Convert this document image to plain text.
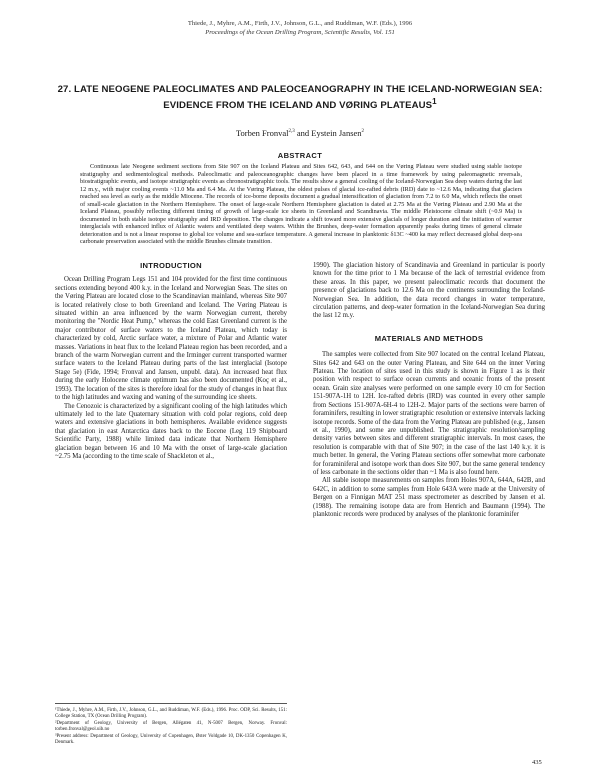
Thiede, J., Myhre, A.M., Firth, J.V., Johnson, G.L., and Ruddiman, W.F. (Eds.), 1996
Proceedings of the Ocean Drilling Program, Scientific Results, Vol. 151
27. LATE NEOGENE PALEOCLIMATES AND PALEOCEANOGRAPHY IN THE ICELAND-NORWEGIAN SEA: EVIDENCE FROM THE ICELAND AND VØRING PLATEAUS$^1$
Torben Fronval$^{2,3}$ and Eystein Jansen$^2$
ABSTRACT

Continuous late Neogene sediment sections from Site 907 on the Iceland Plateau and Sites 642, 643, and 644 on the Vøring Plateau were studied using stable isotope stratigraphy and sedimentological methods. Paleoclimatic and paleoceanographic changes have been placed in a time framework by using paleomagnetic reversals, biostratigraphic events, and isotope stratigraphic events as chronostratigraphic tools. The results show a general cooling of the Iceland-Norwegian Sea deep waters during the last 12 m.y., with major cooling events ~11.0 Ma and 6.4 Ma. At the Vøring Plateau, the oldest pulses of glacial ice-rafted debris (IRD) date to ~12.6 Ma, indicating that glaciers reached sea level as early as the middle Miocene. The records of ice-borne deposits document a gradual intensification of glaciation from 7.2 to 6.0 Ma, which reflects the onset of small-scale glaciation in the Northern Hemisphere. The onset of large-scale Northern Hemisphere glaciation is dated at 2.75 Ma at the Vøring Plateau and 2.90 Ma at the Iceland Plateau, possibly reflecting different timing of growth of large-scale ice sheets in Greenland and Scandinavia. The middle Pleistocene climate shift (~0.9 Ma) is documented in both stable isotope stratigraphy and IRD deposition. The changes indicate a shift toward more extensive glacials of longer duration and the initiation of warmer interglacials with enhanced influx of Atlantic waters and ventilated deep waters. Within the Brunhes, deep-water formation apparently peaks during times of general climate deterioration and is not a linear response to global ice volume and sea-surface temperature. A general increase in planktonic δ13C ~400 ka may reflect decreased global deep-sea carbonate preservation associated with the middle Brunhes climate transition.

INTRODUCTION

Ocean Drilling Program Legs 151 and 104 provided for the first time continuous sections extending beyond 400 k.y. in the Iceland and Norwegian Seas. The sites on the Vøring Plateau are located close to the Scandinavian mainland, whereas Site 907 is located relatively close to both Greenland and Iceland. The Vøring Plateau is situated within an area influenced by the warm Norwegian current, thereby monitoring the "Nordic Heat Pump," whereas the cold East Greenland current is the major contributor of surface waters to the Iceland Plateau, which today is characterized by cold, Arctic surface water, a mixture of Polar and Atlantic water masses. Variations in heat flux to the Iceland Plateau region has been recorded, and a branch of the warm Norwegian current and the Irminger current transported warmer surface waters to the Iceland Plateau during parts of the last interglacial (Isotope Stage 5e) (Fide, 1994; Fronval and Jansen, unpubl. data). An increased heat flux during the early Holocene climate optimum has also been documented (Koç et al., 1993). The location of the sites is therefore ideal for the study of changes in heat flux to the high latitudes and waxing and waning of the surrounding ice sheets.

The Cenozoic is characterized by a significant cooling of the high latitudes which ultimately led to the late Quaternary situation with cold polar regions, cold deep waters and extensive glaciations in both hemispheres. Available evidence suggests that glaciation in east Antarctica dates back to the Eocene (Leg 119 Shipboard Scientific Party, 1988) while limited data indicate that Northern Hemisphere glaciation began between 16 and 10 Ma with the onset of large-scale glaciation ~2.75 Ma (according to the time scale of Shackleton et al.,

1990). The glaciation history of Scandinavia and Greenland in particular is poorly known for the time prior to 1 Ma because of the lack of terrestrial evidence from these areas. In this paper, we present paleoclimatic records that document the presence of glaciations back to 12.6 Ma on the continents surrounding the Iceland-Norwegian Sea. In addition, the data record changes in water temperature, circulation patterns, and deep-water formation in the Iceland-Norwegian Sea during the last 12 m.y.

MATERIALS AND METHODS

The samples were collected from Site 907 located on the central Iceland Plateau, Sites 642 and 643 on the outer Vøring Plateau, and Site 644 on the inner Vøring Plateau. The location of sites used in this study is shown in Figure 1 as is their position with respect to surface ocean currents and oceanic fronts of the present ocean. Grain size analyses were performed on one sample every 10 cm for Section 151-907A-1H to 12H. Ice-rafted debris (IRD) was counted in every other sample from Sections 151-907A-6H-4 to 12H-2. Major parts of the sections were barren of foraminifers, resulting in lower stratigraphic resolution or extensive intervals lacking isotope records. Some of the data from the Vøring Plateau are published (e.g., Jansen et al., 1990), and some are unpublished. The stratigraphic resolution/sampling density varies between sites and different stratigraphic intervals. In most cases, the resolution is comparable with that of Site 907; in the case of the last 140 k.y. it is much better. In general, the Vøring Plateau sections offer somewhat more carbonate for foraminiferal and isotope work than does Site 907, but the same general tendency of less carbonate in the sections older than ~1 Ma is also found here.

All stable isotope measurements on samples from Holes 907A, 644A, 642B, and 642C, in addition to some samples from Hole 643A were made at the University of Bergen on a Finnigan MAT 251 mass spectrometer as described by Jansen et al. (1988). The remaining isotope data are from Henrich and Baumann (1994). The planktonic records were produced by analyses of the planktonic foraminifer

¹Thiede, J., Myhre, A.M., Firth, J.V., Johnson, G.L., and Ruddiman, W.F. (Eds.), 1996. Proc. ODP, Sci. Results, 151: College Station, TX (Ocean Drilling Program).

²Department of Geology, University of Bergen, Allégaten 41, N-5007 Bergen, Norway. Fronval: torben.fronval@geol.uib.no

³Present address: Department of Geology, University of Copenhagen, Øster Voldgade 10, DK-1350 Copenhagen K, Denmark.

435
